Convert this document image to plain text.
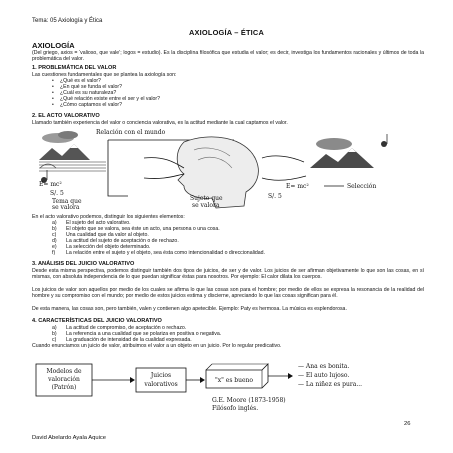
Tema: 05 Axiología y Ética
AXIOLOGÍA – ÉTICA
AXIOLOGÍA
(Del griego, axios = ‘valioso, que vale’; logos = estudio). Es la disciplina filosófica que estudia el valor; es decir, investiga los fundamentos racionales y últimos de toda la problemática del valor.
1. PROBLEMÁTICA DEL VALOR
Las cuestiones fundamentales que se plantea la axiología son:
• ¿Qué es el valor?
• ¿En qué se funda el valor?
• ¿Cuál es su naturaleza?
• ¿Qué relación existe entre el ser y el valor?
• ¿Cómo captamos el valor?
2. EL ACTO VALORATIVO
Llamado también experiencia del valor o conciencia valorativa, es la actitud mediante la cual captamos el valor.
Relación con el mundo
E= mc²
S/. 5
Tema que
se valora
Sujeto que
se valora
E= mc²
S/. 5
Selección
En el acto valorativo podemos, distinguir los siguientes elementos:
a) El sujeto del acto valorativo.
b) El objeto que se valora, sea éste un acto, una persona o una cosa.
c) Una cualidad que da valor al objeto.
d) La actitud del sujeto de aceptación o de rechazo.
e) La selección del objeto determinado.
f) La relación entre el sujeto y el objeto, sea ésta como intencionalidad o direccionalidad.
3. ANÁLISIS DEL JUICIO VALORATIVO
Desde esta misma perspectiva, podemos distinguir también dos tipos de juicios, de ser y de valor. Los juicios de ser afirman objetivamente lo que son las cosas, en sí mismas, con absoluta independencia de lo que puedan significar éstas para nosotros. Por ejemplo: El calor dilata los cuerpos.
Los juicios de valor son aquellos por medio de los cuales se afirma lo que las cosas son para el hombre; por medio de ellos se expresa la resonancia de la realidad del hombre y su compromiso con el mundo; por medio de estos juicios estima y discierne, apreciando lo que las cosas significan para él.
De esta manera, las cosas son, pero también, valen y contienen algo apetecible. Ejemplo: Paty es hermosa. La música es esplendorosa.
4. CARACTERÍSTICAS DEL JUICIO VALORATIVO
a) La actitud de compromiso, de aceptación o rechazo.
b) La referencia a una cualidad que se polariza en positiva o negativa.
c) La graduación de intensidad de la cualidad expresada.
Cuando enunciamos un juicio de valor, atribuimos el valor a un objeto en un juicio. Por lo regular predicativo.
Modelos de
valoración
(Patrón)
Juicios
valorativos
"x" es bueno
— Ana es bonita.
— El auto lujoso.
— La niñez es pura...
G.E. Moore (1873-1958)
Filósofo inglés.
26
David Abelardo Ayala Aquice
